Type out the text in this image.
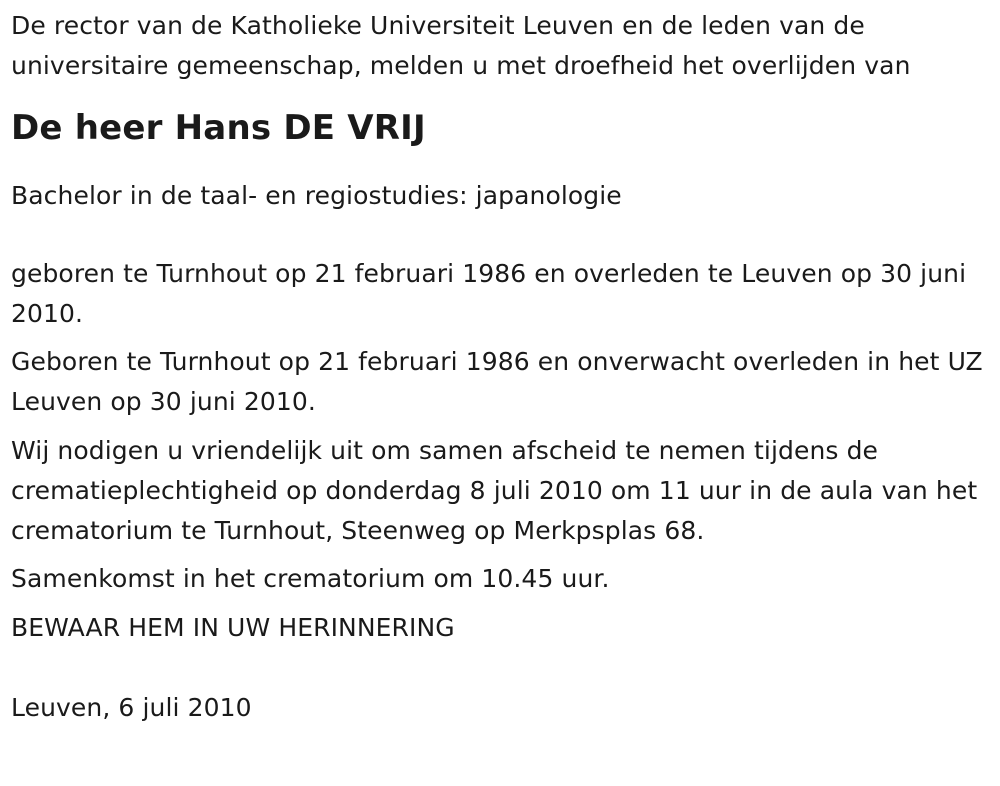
De rector van de Katholieke Universiteit Leuven en de leden van de universitaire gemeenschap, melden u met droefheid het overlijden van

De heer Hans DE VRIJ

Bachelor in de taal- en regiostudies: japanologie

geboren te Turnhout op 21 februari 1986 en overleden te Leuven op 30 juni 2010.

Geboren te Turnhout op 21 februari 1986 en onverwacht overleden in het UZ Leuven op 30 juni 2010.

Wij nodigen u vriendelijk uit om samen afscheid te nemen tijdens de crematieplechtigheid op donderdag 8 juli 2010 om 11 uur in de aula van het crematorium te Turnhout, Steenweg op Merkpsplas 68.

Samenkomst in het crematorium om 10.45 uur.

BEWAAR HEM IN UW HERINNERING

Leuven, 6 juli 2010
